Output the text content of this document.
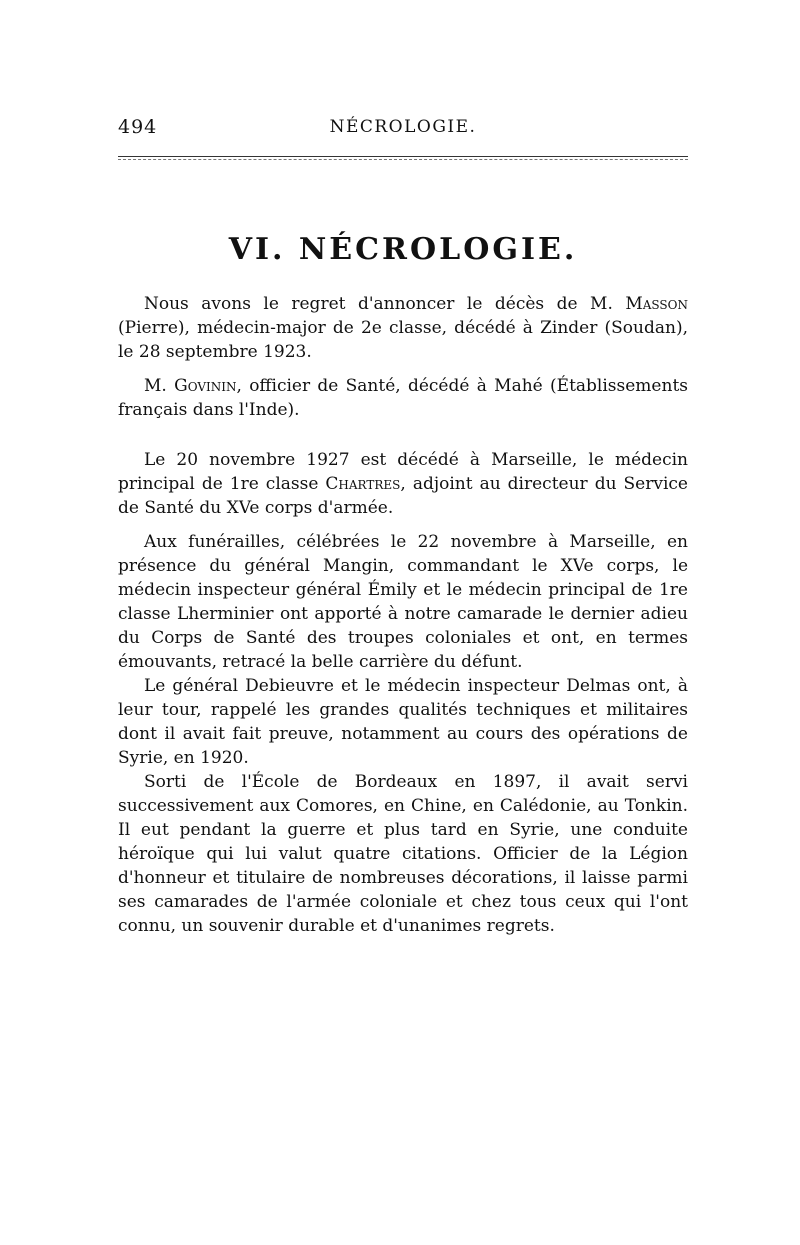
494	NÉCROLOGIE.
VI. NÉCROLOGIE.

Nous avons le regret d'annoncer le décès de M. Masson (Pierre), médecin-major de 2e classe, décédé à Zinder (Soudan), le 28 septembre 1923.

M. Govinin, officier de Santé, décédé à Mahé (Établissements français dans l'Inde).

Le 20 novembre 1927 est décédé à Marseille, le médecin principal de 1re classe Chartres, adjoint au directeur du Service de Santé du XVe corps d'armée.

Aux funérailles, célébrées le 22 novembre à Marseille, en présence du général Mangin, commandant le XVe corps, le médecin inspecteur général Émily et le médecin principal de 1re classe Lherminier ont apporté à notre camarade le dernier adieu du Corps de Santé des troupes coloniales et ont, en termes émouvants, retracé la belle carrière du défunt.

Le général Debieuvre et le médecin inspecteur Delmas ont, à leur tour, rappelé les grandes qualités techniques et militaires dont il avait fait preuve, notamment au cours des opérations de Syrie, en 1920.

Sorti de l'École de Bordeaux en 1897, il avait servi successivement aux Comores, en Chine, en Calédonie, au Tonkin. Il eut pendant la guerre et plus tard en Syrie, une conduite héroïque qui lui valut quatre citations. Officier de la Légion d'honneur et titulaire de nombreuses décorations, il laisse parmi ses camarades de l'armée coloniale et chez tous ceux qui l'ont connu, un souvenir durable et d'unanimes regrets.
